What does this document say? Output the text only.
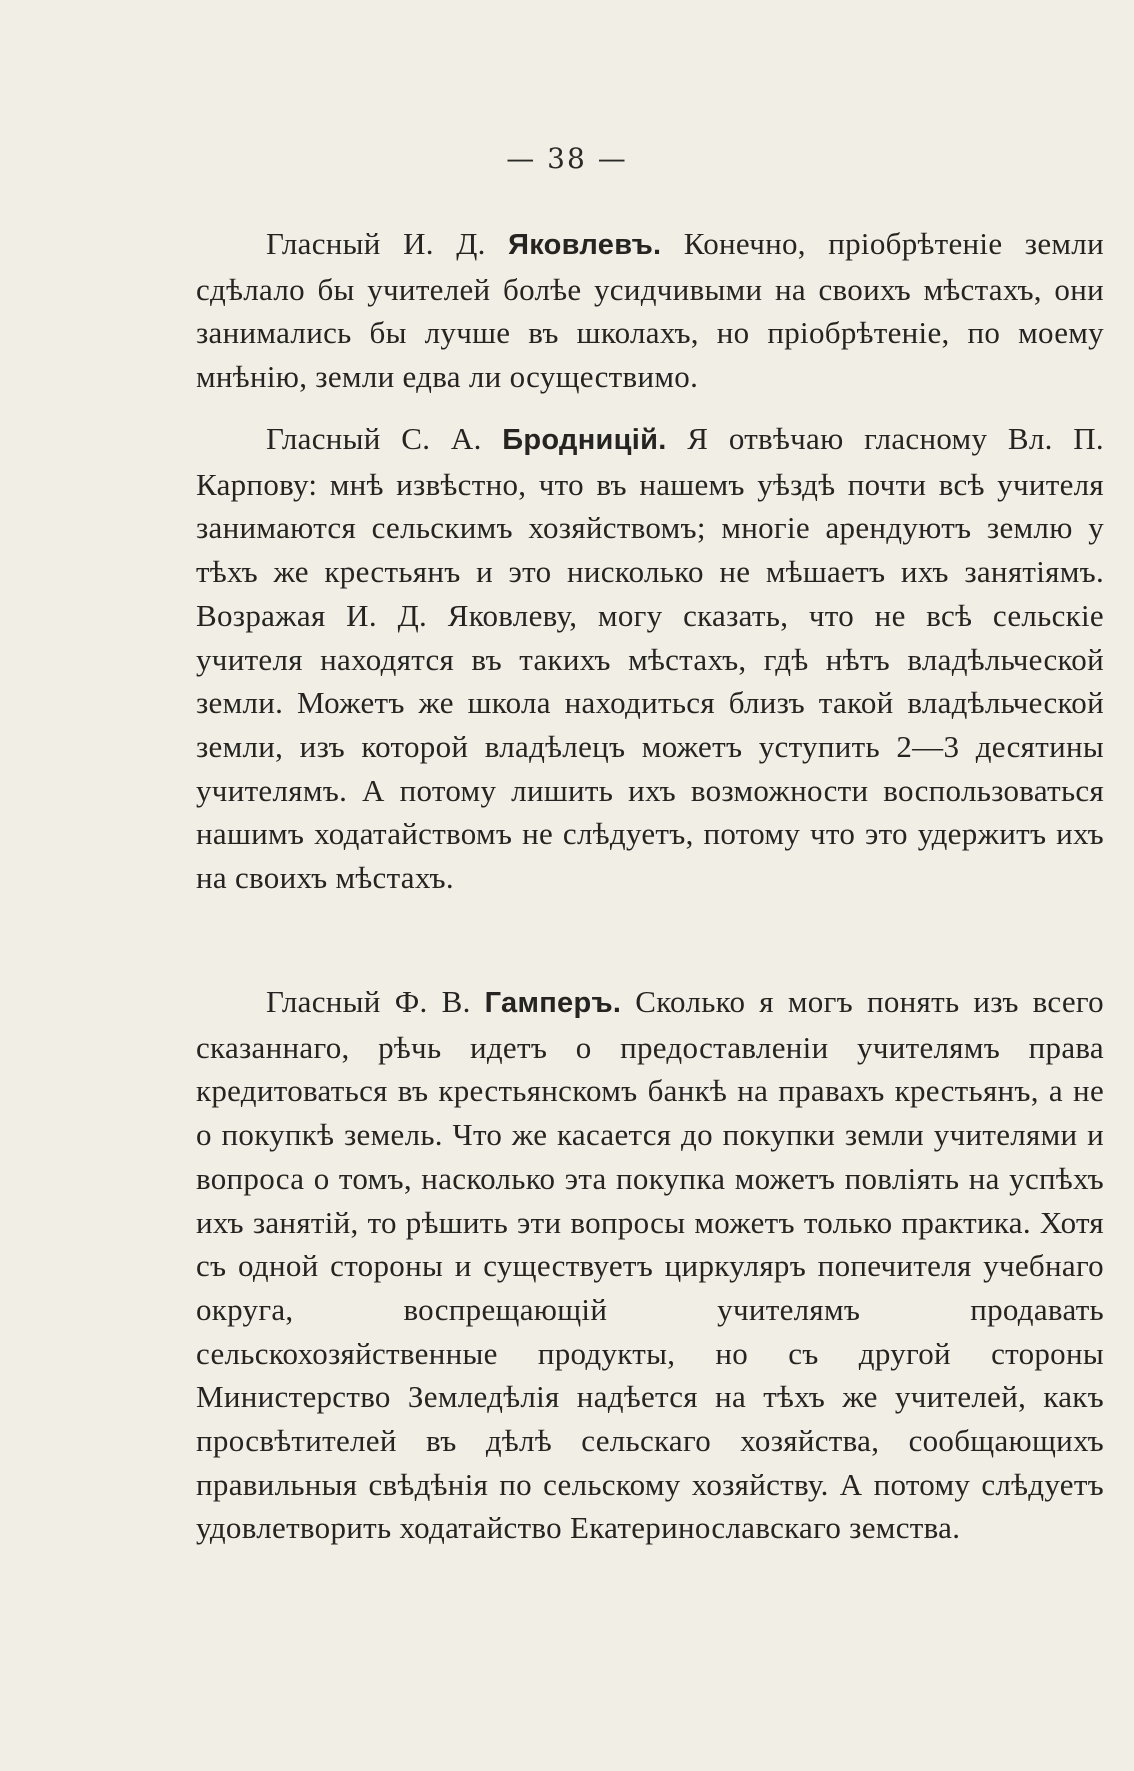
— 38 —

Гласный И. Д. Яковлевъ. Конечно, пріобрѣтеніе земли сдѣлало бы учителей болѣе усидчивыми на своихъ мѣстахъ, они занимались бы лучше въ школахъ, но пріобрѣтеніе, по моему мнѣнію, земли едва ли осуществимо.

Гласный С. А. Бродницій. Я отвѣчаю гласному Вл. П. Карпову: мнѣ извѣстно, что въ нашемъ уѣздѣ почти всѣ учителя занимаются сельскимъ хозяйствомъ; многіе арендуютъ землю у тѣхъ же крестьянъ и это нисколько не мѣшаетъ ихъ занятіямъ. Возражая И. Д. Яковлеву, могу сказать, что не всѣ сельскіе учителя находятся въ такихъ мѣстахъ, гдѣ нѣтъ владѣльческой земли. Можетъ же школа находиться близъ такой владѣльческой земли, изъ которой владѣлецъ можетъ уступить 2—3 десятины учителямъ. А потому лишить ихъ возможности воспользоваться нашимъ ходатайствомъ не слѣдуетъ, потому что это удержитъ ихъ на своихъ мѣстахъ.

Гласный Ф. В. Гамперъ. Сколько я могъ понять изъ всего сказаннаго, рѣчь идетъ о предоставленіи учителямъ права кредитоваться въ крестьянскомъ банкѣ на правахъ крестьянъ, а не о покупкѣ земель. Что же касается до покупки земли учителями и вопроса о томъ, насколько эта покупка можетъ повліять на успѣхъ ихъ занятій, то рѣшить эти вопросы можетъ только практика. Хотя съ одной стороны и существуетъ циркуляръ попечителя учебнаго округа, воспрещающій учителямъ продавать сельскохозяйственные продукты, но съ другой стороны Министерство Земледѣлія надѣется на тѣхъ же учителей, какъ просвѣтителей въ дѣлѣ сельскаго хозяйства, сообщающихъ правильныя свѣдѣнія по сельскому хозяйству. А потому слѣдуетъ удовлетворить ходатайство Екатеринославскаго земства.
